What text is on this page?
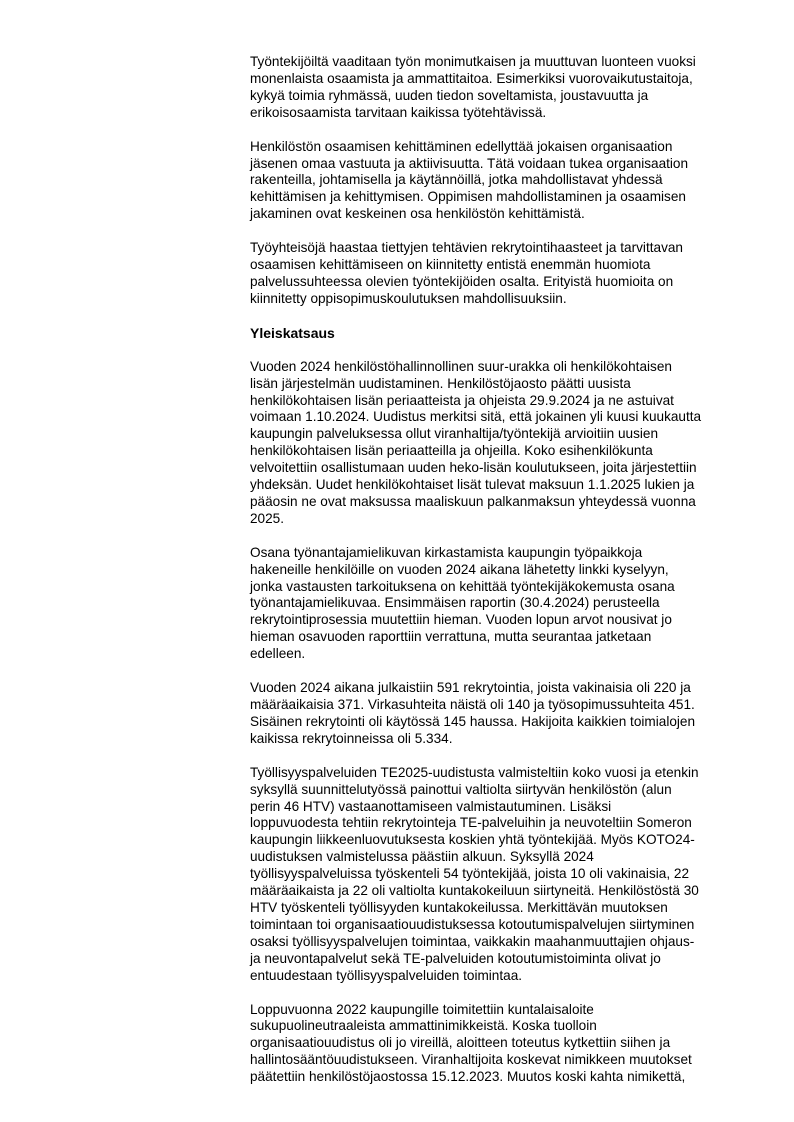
Työntekijöiltä vaaditaan työn monimutkaisen ja muuttuvan luonteen vuoksi
monenlaista osaamista ja ammattitaitoa. Esimerkiksi vuorovaikutustaitoja,
kykyä toimia ryhmässä, uuden tiedon soveltamista, joustavuutta ja
erikoisosaamista tarvitaan kaikissa työtehtävissä.
Henkilöstön osaamisen kehittäminen edellyttää jokaisen organisaation
jäsenen omaa vastuuta ja aktiivisuutta. Tätä voidaan tukea organisaation
rakenteilla, johtamisella ja käytännöillä, jotka mahdollistavat yhdessä
kehittämisen ja kehittymisen. Oppimisen mahdollistaminen ja osaamisen
jakaminen ovat keskeinen osa henkilöstön kehittämistä.
Työyhteisöjä haastaa tiettyjen tehtävien rekrytointihaasteet ja tarvittavan
osaamisen kehittämiseen on kiinnitetty entistä enemmän huomiota
palvelussuhteessa olevien työntekijöiden osalta. Erityistä huomioita on
kiinnitetty oppisopimuskoulutuksen mahdollisuuksiin.
Yleiskatsaus
Vuoden 2024 henkilöstöhallinnollinen suur-urakka oli henkilökohtaisen
lisän järjestelmän uudistaminen. Henkilöstöjaosto päätti uusista
henkilökohtaisen lisän periaatteista ja ohjeista 29.9.2024 ja ne astuivat
voimaan 1.10.2024. Uudistus merkitsi sitä, että jokainen yli kuusi kuukautta
kaupungin palveluksessa ollut viranhaltija/työntekijä arvioitiin uusien
henkilökohtaisen lisän periaatteilla ja ohjeilla. Koko esihenkilökunta
velvoitettiin osallistumaan uuden heko-lisän koulutukseen, joita järjestettiin
yhdeksän. Uudet henkilökohtaiset lisät tulevat maksuun 1.1.2025 lukien ja
pääosin ne ovat maksussa maaliskuun palkanmaksun yhteydessä vuonna
2025.
Osana työnantajamielikuvan kirkastamista kaupungin työpaikkoja
hakeneille henkilöille on vuoden 2024 aikana lähetetty linkki kyselyyn,
jonka vastausten tarkoituksena on kehittää työntekijäkokemusta osana
työnantajamielikuvaa. Ensimmäisen raportin (30.4.2024) perusteella
rekrytointiprosessia muutettiin hieman. Vuoden lopun arvot nousivat jo
hieman osavuoden raporttiin verrattuna, mutta seurantaa jatketaan
edelleen.
Vuoden 2024 aikana julkaistiin 591 rekrytointia, joista vakinaisia oli 220 ja
määräaikaisia 371. Virkasuhteita näistä oli 140 ja työsopimussuhteita 451.
Sisäinen rekrytointi oli käytössä 145 haussa. Hakijoita kaikkien toimialojen
kaikissa rekrytoinneissa oli 5.334.
Työllisyyspalveluiden TE2025-uudistusta valmisteltiin koko vuosi ja etenkin
syksyllä suunnittelutyössä painottui valtiolta siirtyvän henkilöstön (alun
perin 46 HTV) vastaanottamiseen valmistautuminen. Lisäksi
loppuvuodesta tehtiin rekrytointeja TE-palveluihin ja neuvoteltiin Someron
kaupungin liikkeenluovutuksesta koskien yhtä työntekijää. Myös KOTO24-
uudistuksen valmistelussa päästiin alkuun. Syksyllä 2024
työllisyyspalveluissa työskenteli 54 työntekijää, joista 10 oli vakinaisia, 22
määräaikaista ja 22 oli valtiolta kuntakokeiluun siirtyneitä. Henkilöstöstä 30
HTV työskenteli työllisyyden kuntakokeilussa. Merkittävän muutoksen
toimintaan toi organisaatiouudistuksessa kotoutumispalvelujen siirtyminen
osaksi työllisyyspalvelujen toimintaa, vaikkakin maahanmuuttajien ohjaus-
ja neuvontapalvelut sekä TE-palveluiden kotoutumistoiminta olivat jo
entuudestaan työllisyyspalveluiden toimintaa.
Loppuvuonna 2022 kaupungille toimitettiin kuntalaisaloite
sukupuolineutraaleista ammattinimikkeistä. Koska tuolloin
organisaatiouudistus oli jo vireillä, aloitteen toteutus kytkettiin siihen ja
hallintosääntöuudistukseen. Viranhaltijoita koskevat nimikkeen muutokset
päätettiin henkilöstöjaostossa 15.12.2023. Muutos koski kahta nimikettä,
